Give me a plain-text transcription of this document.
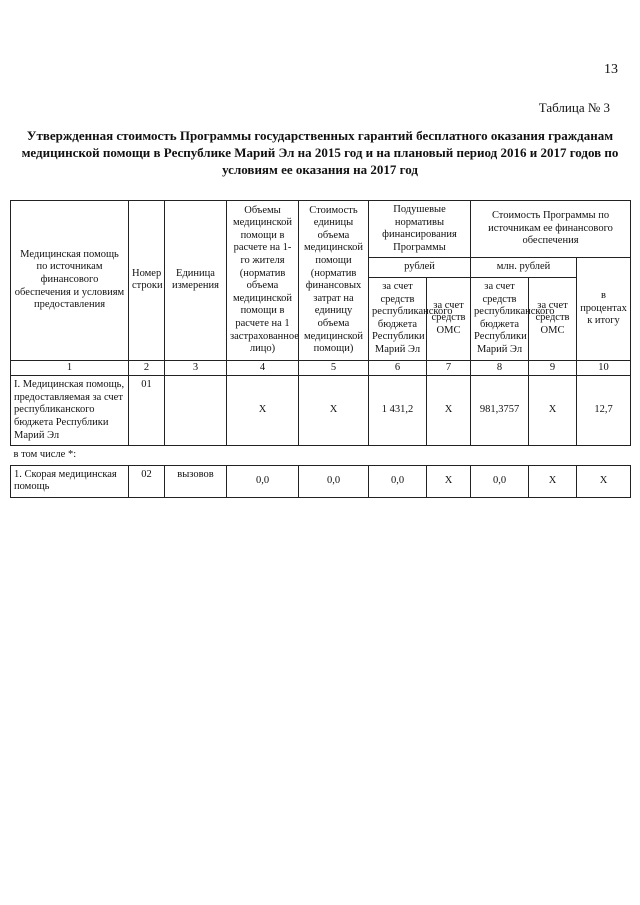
13
Таблица № 3
Утвержденная стоимость Программы государственных гарантий бесплатного оказания гражданам медицинской помощи в Республике Марий Эл на 2015 год и на плановый период 2016 и 2017 годов по условиям ее оказания на 2017 год
Медицинская помощь по источникам финансового обеспечения и условиям предоставления	Номер строки	Единица измерения	Объемы медицинской помощи в расчете на 1-го жителя (норматив объема медицинской помощи в расчете на 1 застрахованное лицо)	Стоимость единицы объема медицинской помощи (норматив финансовых затрат на единицу объема медицинской помощи)	Подушевые нормативы финансирования Программы		Стоимость Программы по источникам ее финансового обеспечения		
					рублей		млн. рублей		в процентах к итогу
					за счет средств республиканского бюджета Республики Марий Эл	за счет средств ОМС	за счет средств республиканского бюджета Республики Марий Эл	за счет средств ОМС	
1	2	3	4	5	6	7	8	9	10
I. Медицинская помощь, предоставляемая за счет республиканского бюджета Республики Марий Эл	01		X	X	1 431,2	X	981,3757	X	12,7
в том числе *:									
1. Скорая медицинская помощь	02	вызовов	0,0	0,0	0,0	X	0,0	X	X
